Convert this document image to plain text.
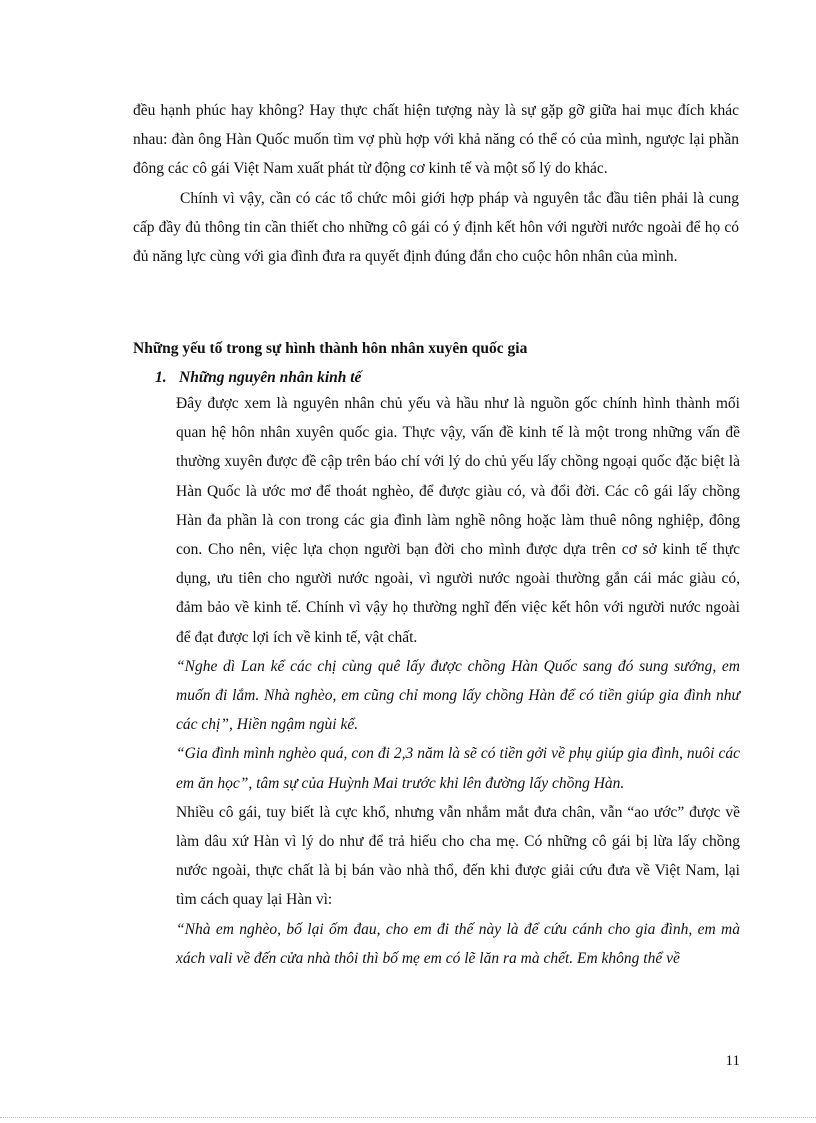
đều hạnh phúc hay không? Hay thực chất hiện tượng này là sự gặp gỡ giữa hai mục đích khác nhau: đàn ông Hàn Quốc muốn tìm vợ phù hợp với khả năng có thể có của mình, ngược lại phần đông các cô gái Việt Nam xuất phát từ động cơ kinh tế và một số lý do khác.
Chính vì vậy, cần có các tổ chức môi giới hợp pháp và nguyên tắc đầu tiên phải là cung cấp đầy đủ thông tin cần thiết cho những cô gái có ý định kết hôn với người nước ngoài để họ có đủ năng lực cùng với gia đình đưa ra quyết định đúng đắn cho cuộc hôn nhân của mình.
Những yếu tố trong sự hình thành hôn nhân xuyên quốc gia
1. Những nguyên nhân kinh tế

Đây được xem là nguyên nhân chủ yếu và hầu như là nguồn gốc chính hình thành mối quan hệ hôn nhân xuyên quốc gia. Thực vậy, vấn đề kinh tế là một trong những vấn đề thường xuyên được đề cập trên báo chí với lý do chủ yếu lấy chồng ngoại quốc đặc biệt là Hàn Quốc là ước mơ để thoát nghèo, để được giàu có, và đổi đời. Các cô gái lấy chồng Hàn đa phần là con trong các gia đình làm nghề nông hoặc làm thuê nông nghiệp, đông con. Cho nên, việc lựa chọn người bạn đời cho mình được dựa trên cơ sở kinh tế thực dụng, ưu tiên cho người nước ngoài, vì người nước ngoài thường gắn cái mác giàu có, đảm bảo về kinh tế. Chính vì vậy họ thường nghĩ đến việc kết hôn với người nước ngoài để đạt được lợi ích về kinh tế, vật chất.

“Nghe dì Lan kể các chị cùng quê lấy được chồng Hàn Quốc sang đó sung sướng, em muốn đi lắm. Nhà nghèo, em cũng chỉ mong lấy chồng Hàn để có tiền giúp gia đình như các chị”, Hiền ngậm ngùi kể.

“Gia đình mình nghèo quá, con đi 2,3 năm là sẽ có tiền gởi về phụ giúp gia đình, nuôi các em ăn học”, tâm sự của Huỳnh Mai trước khi lên đường lấy chồng Hàn.

Nhiều cô gái, tuy biết là cực khổ, nhưng vẫn nhắm mắt đưa chân, vẫn “ao ước” được về làm dâu xứ Hàn vì lý do như để trả hiếu cho cha mẹ. Có những cô gái bị lừa lấy chồng nước ngoài, thực chất là bị bán vào nhà thổ, đến khi được giải cứu đưa về Việt Nam, lại tìm cách quay lại Hàn vì:

“Nhà em nghèo, bố lại ốm đau, cho em đi thế này là để cứu cánh cho gia đình, em mà xách vali về đến cửa nhà thôi thì bố mẹ em có lẽ lăn ra mà chết. Em không thể về

11
